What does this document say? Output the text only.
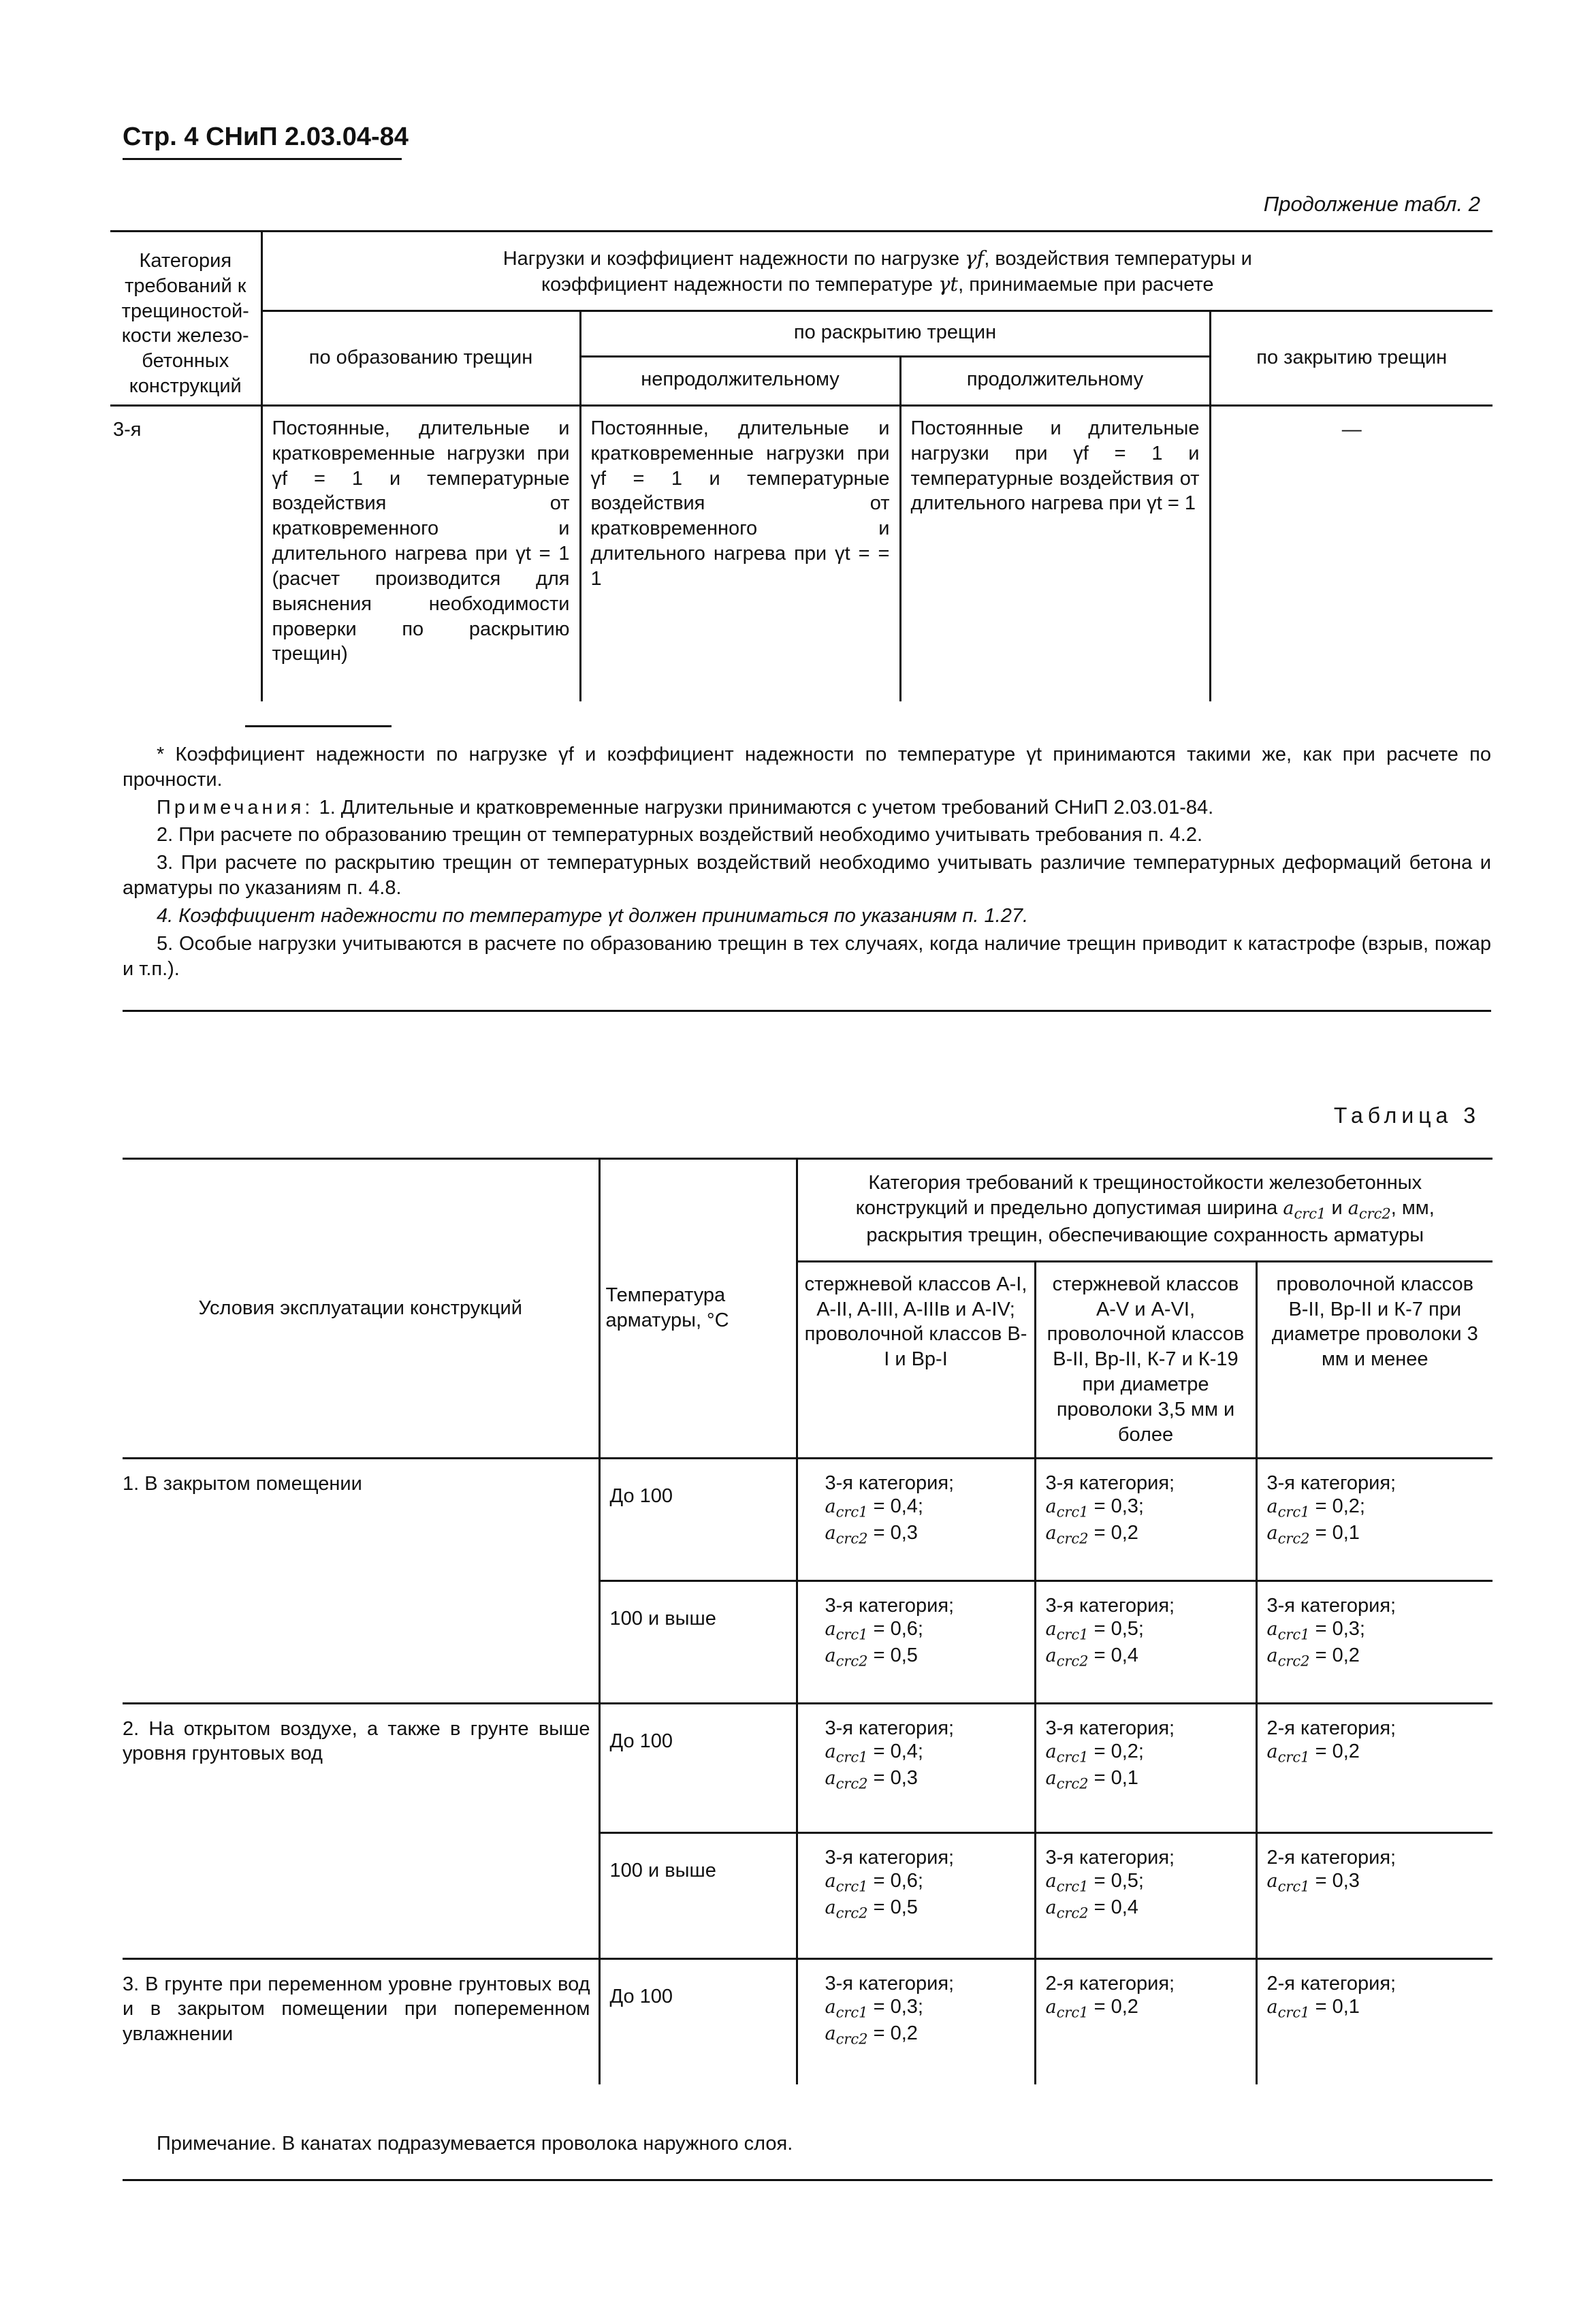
Стр. 4 СНиП 2.03.04-84
Продолжение табл. 2
Категория требований к трещиностой-кости железо-бетонных конструкций	Нагрузки и коэффициент надежности по нагрузке γf, воздействия температуры и
коэффициент надежности по температуре γt, принимаемые при расчете			
	по образованию трещин	по раскрытию трещин		по закрытию трещин
		непродолжительному	продолжительному	
3-я	Постоянные, длительные и кратковременные нагрузки при γf = 1 и температурные воздействия от кратковременного и длительного нагрева при γt = 1 (расчет производится для выяснения необходимости проверки по раскрытию трещин)	Постоянные, длительные и кратковременные нагрузки при γf = 1 и температурные воздействия от кратковременного и длительного нагрева при γt = = 1	Постоянные и длительные нагрузки при γf = 1 и температурные воздействия от длительного нагрева при γt = 1	—

* Коэффициент надежности по нагрузке γf и коэффициент надежности по температуре γt принимаются такими же, как при расчете по прочности.

Примечания: 1. Длительные и кратковременные нагрузки принимаются с учетом требований СНиП 2.03.01-84.

2. При расчете по образованию трещин от температурных воздействий необходимо учитывать требования п. 4.2.

3. При расчете по раскрытию трещин от температурных воздействий необходимо учитывать различие температурных деформаций бетона и арматуры по указаниям п. 4.8.

4. Коэффициент надежности по температуре γt должен приниматься по указаниям п. 1.27.

5. Особые нагрузки учитываются в расчете по образованию трещин в тех случаях, когда наличие трещин приводит к катастрофе (взрыв, пожар и т.п.).

Таблица 3
Условия эксплуатации конструкций	Температура арматуры, °С	Категория требований к трещиностойкости железобетонных конструкций и предельно допустимая ширина $a_{crc1}$ и $a_{crc2}$, мм, раскрытия трещин, обеспечивающие сохранность арматуры		
		стержневой классов A-I, A-II, A-III, A-IIIв и A-IV; проволочной классов В-I и Вр-I	стержневой классов A-V и A-VI, проволочной классов В-II, Вр-II, К-7 и К-19 при диаметре проволоки 3,5 мм и более	проволочной классов В-II, Вр-II и К-7 при диаметре проволоки 3 мм и менее
1. В закрытом помещении	До 100	3-я категория;
$a_{crc1} = 0,4$;
$a_{crc2} = 0,3$	3-я категория;
$a_{crc1} = 0,3$;
$a_{crc2} = 0,2$	3-я категория;
$a_{crc1} = 0,2$;
$a_{crc2} = 0,1$

	100 и выше	3-я категория;
$a_{crc1} = 0,6$;
$a_{crc2} = 0,5$	3-я категория;
$a_{crc1} = 0,5$;
$a_{crc2} = 0,4$	3-я категория;
$a_{crc1} = 0,3$;
$a_{crc2} = 0,2$

2. На открытом воздухе, а также в грунте выше уровня грунтовых вод	До 100	3-я категория;
$a_{crc1} = 0,4$;
$a_{crc2} = 0,3$	3-я категория;
$a_{crc1} = 0,2$;
$a_{crc2} = 0,1$	2-я категория;
$a_{crc1} = 0,2$

	100 и выше	3-я категория;
$a_{crc1} = 0,6$;
$a_{crc2} = 0,5$	3-я категория;
$a_{crc1} = 0,5$;
$a_{crc2} = 0,4$	2-я категория;
$a_{crc1} = 0,3$

3. В грунте при переменном уровне грунтовых вод и в закрытом помещении при попеременном увлажнении	До 100	3-я категория;
$a_{crc1} = 0,3$;
$a_{crc2} = 0,2$	2-я категория;
$a_{crc1} = 0,2$	2-я категория;
$a_{crc1} = 0,1$
Примечание. В канатах подразумевается проволока наружного слоя.
